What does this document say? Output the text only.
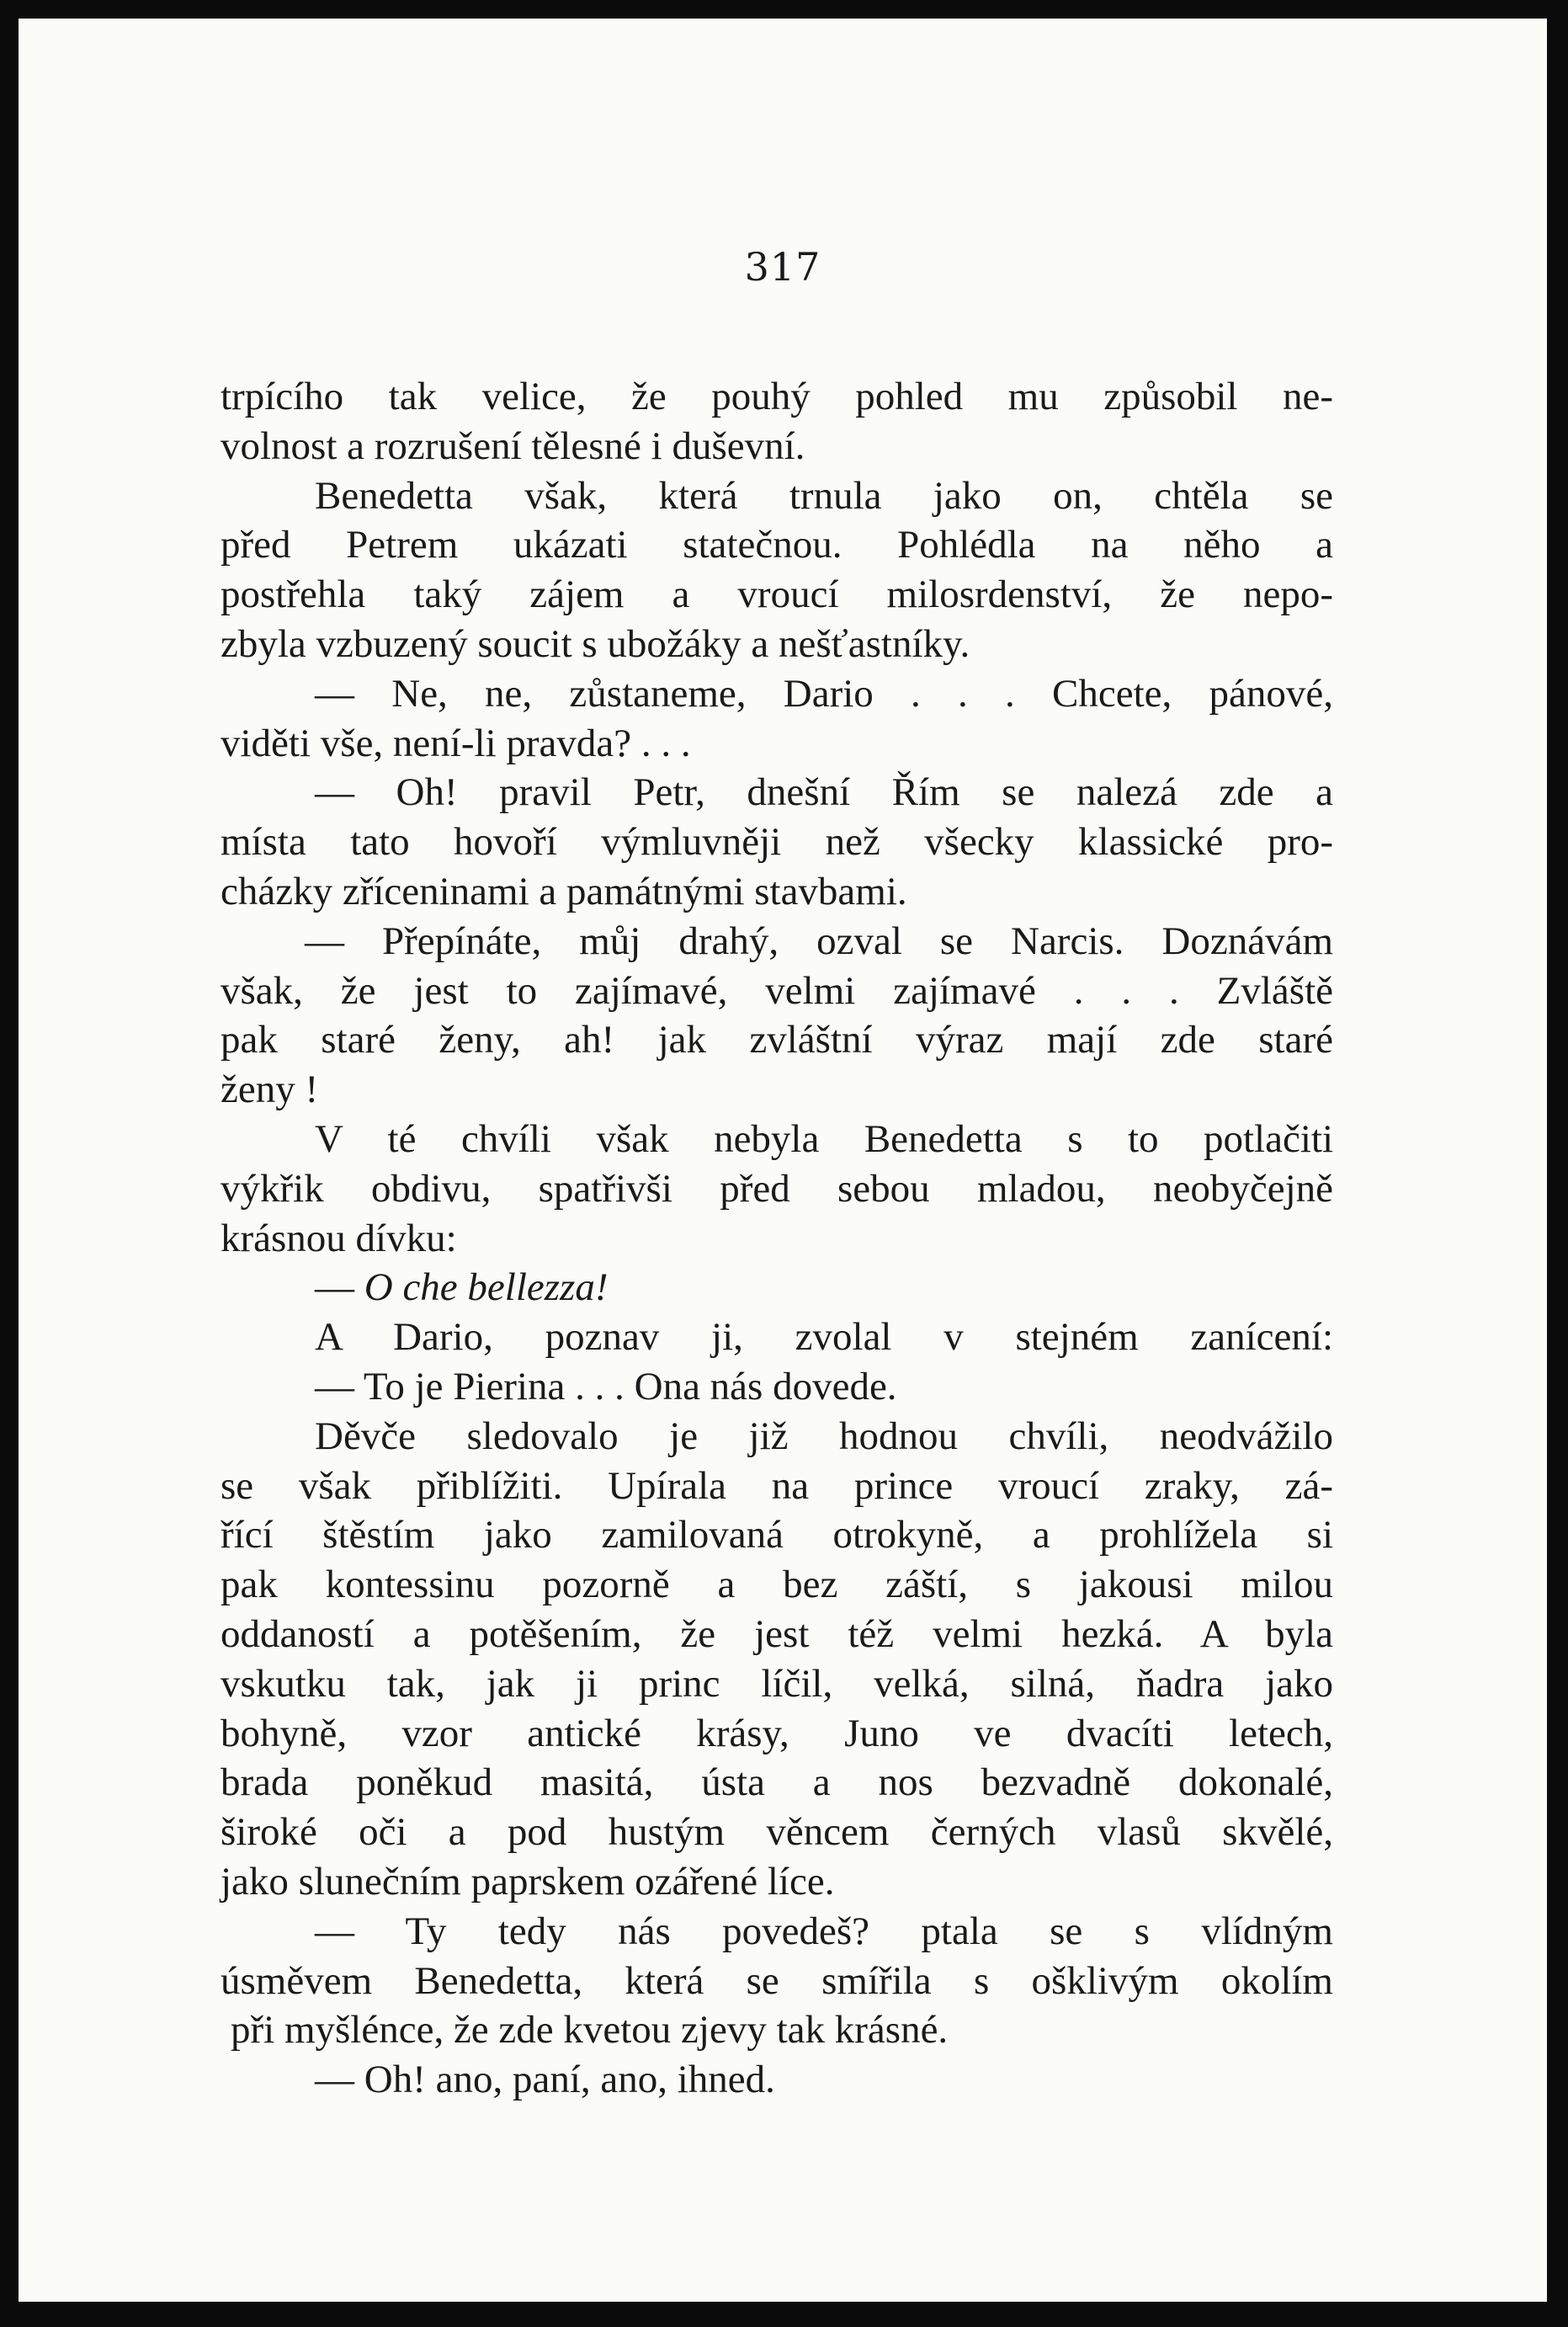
317
trpícího tak velice, že pouhý pohled mu způsobil ne-
volnost a rozrušení tělesné i duševní.
Benedetta však, která trnula jako on, chtěla se
před Petrem ukázati statečnou. Pohlédla na něho a
postřehla taký zájem a vroucí milosrdenství, že nepo-
zbyla vzbuzený soucit s ubožáky a nešťastníky.
— Ne, ne, zůstaneme, Dario . . . Chcete, pánové,
viděti vše, není-li pravda? . . .
— Oh! pravil Petr, dnešní Řím se nalezá zde a
místa tato hovoří výmluvněji než všecky klassické pro-
cházky zříceninami a památnými stavbami.
— Přepínáte, můj drahý, ozval se Narcis. Doznávám
však, že jest to zajímavé, velmi zajímavé . . . Zvláště
pak staré ženy, ah! jak zvláštní výraz mají zde staré
ženy !
V té chvíli však nebyla Benedetta s to potlačiti
výkřik obdivu, spatřivši před sebou mladou, neobyčejně
krásnou dívku:
— O che bellezza!
A Dario, poznav ji, zvolal v stejném zanícení:
— To je Pierina . . . Ona nás dovede.
Děvče sledovalo je již hodnou chvíli, neodvážilo
se však přiblížiti. Upírala na prince vroucí zraky, zá-
řící štěstím jako zamilovaná otrokyně, a prohlížela si
pak kontessinu pozorně a bez záští, s jakousi milou
oddaností a potěšením, že jest též velmi hezká. A byla
vskutku tak, jak ji princ líčil, velká, silná, ňadra jako
bohyně, vzor antické krásy, Juno ve dvacíti letech,
brada poněkud masitá, ústa a nos bezvadně dokonalé,
široké oči a pod hustým věncem černých vlasů skvělé,
jako slunečním paprskem ozářené líce.
— Ty tedy nás povedeš? ptala se s vlídným
úsměvem Benedetta, která se smířila s ošklivým okolím
při myšlénce, že zde kvetou zjevy tak krásné.
— Oh! ano, paní, ano, ihned.
